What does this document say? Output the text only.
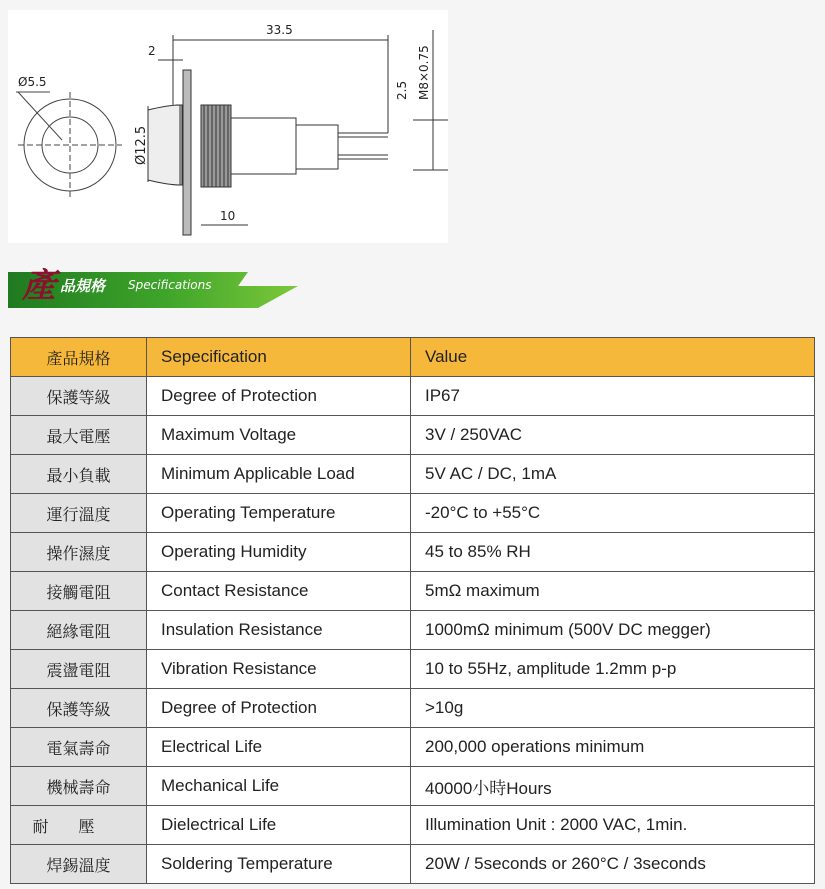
Ø5.5
33.5
2
10
Ø12.5
2.5 M8×0.75
產 品規格 Specifications
產品規格	Sepecification	Value
保護等級	Degree of Protection	IP67
最大電壓	Maximum Voltage	3V / 250VAC
最小負載	Minimum Applicable Load	5V AC / DC, 1mA
運行溫度	Operating Temperature	-20°C to +55°C
操作濕度	Operating Humidity	45 to 85% RH
接觸電阻	Contact Resistance	5mΩ maximum
絕緣電阻	Insulation Resistance	1000mΩ minimum (500V DC megger)
震盪電阻	Vibration Resistance	10 to 55Hz, amplitude 1.2mm p-p
保護等級	Degree of Protection	>10g
電氣壽命	Electrical Life	200,000 operations minimum
機械壽命	Mechanical Life	40000小時Hours
耐壓	Dielectrical Life	Illumination Unit : 2000 VAC, 1min.
焊錫溫度	Soldering Temperature	20W / 5seconds or 260°C / 3seconds
